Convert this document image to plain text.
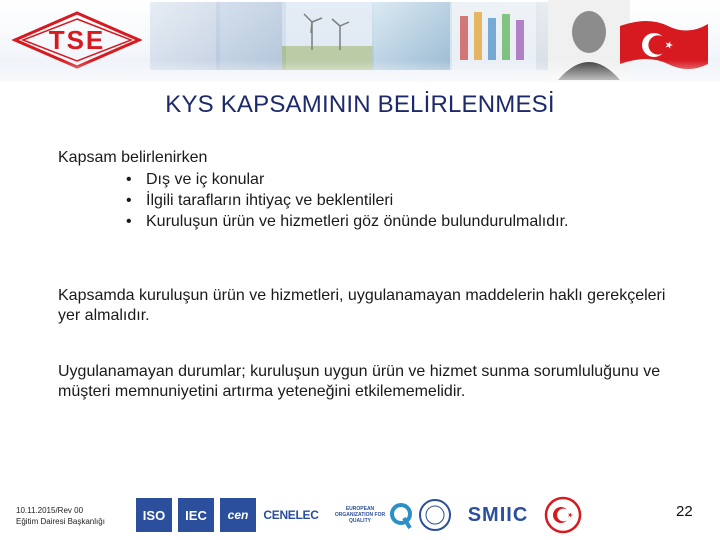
TSE
KYS KAPSAMININ BELİRLENMESİ

Kapsam belirlenirken

• Dış ve iç konular
• İlgili tarafların ihtiyaç ve beklentileri
• Kuruluşun ürün ve hizmetleri göz önünde bulundurulmalıdır.

Kapsamda kuruluşun ürün ve hizmetleri, uygulanamayan maddelerin haklı gerekçeleri yer almalıdır.

Uygulanamayan durumlar; kuruluşun uygun ürün ve hizmet sunma sorumluluğunu ve müşteri memnuniyetini artırma yeteneğini etkilememelidir.

10.11.2015/Rev 00
Eğitim Dairesi Başkanlığı	ISO	IEC	cen	CENELEC	EUROPEAN ORGANIZATION FOR QUALITY	SMIIC	22
